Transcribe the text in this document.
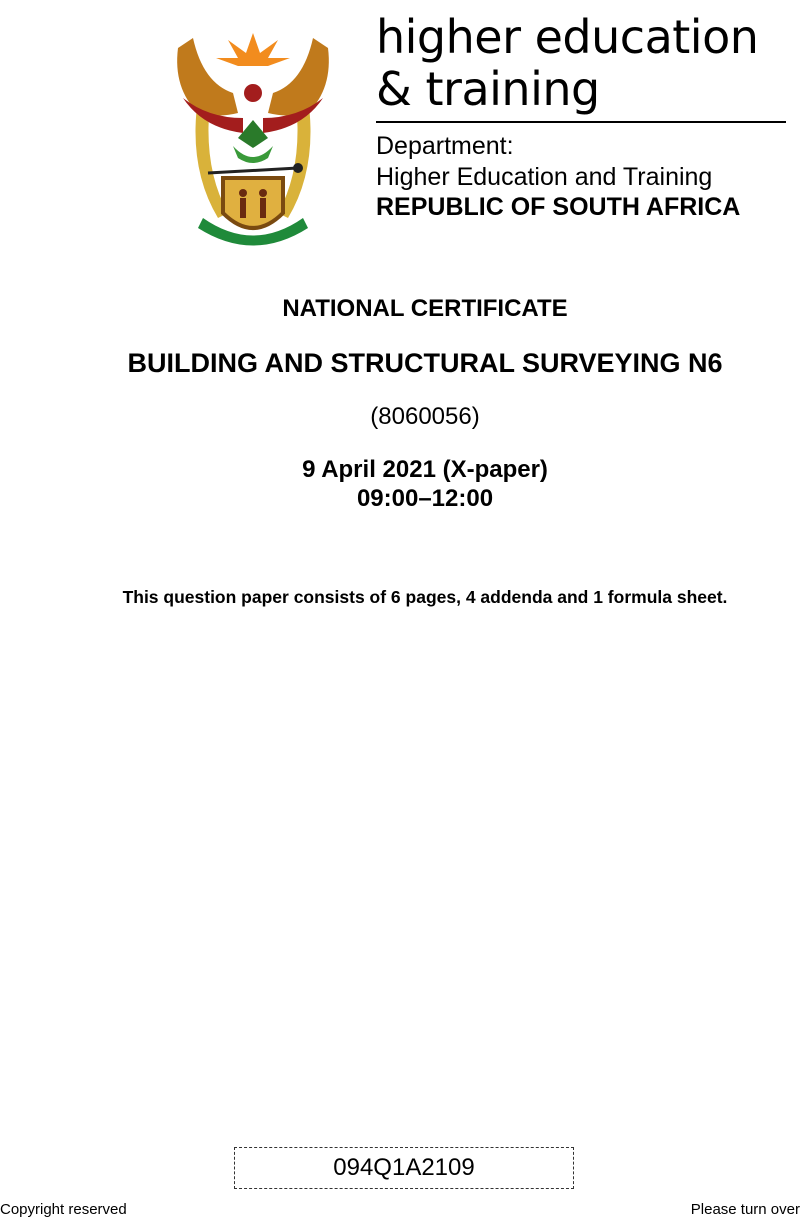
higher education
& training
Department:
Higher Education and Training
REPUBLIC OF SOUTH AFRICA
NATIONAL CERTIFICATE
BUILDING AND STRUCTURAL SURVEYING N6
(8060056)
9 April 2021 (X-paper)
09:00–12:00
This question paper consists of 6 pages, 4 addenda and 1 formula sheet.
094Q1A2109
Copyright reserved	Please turn over
